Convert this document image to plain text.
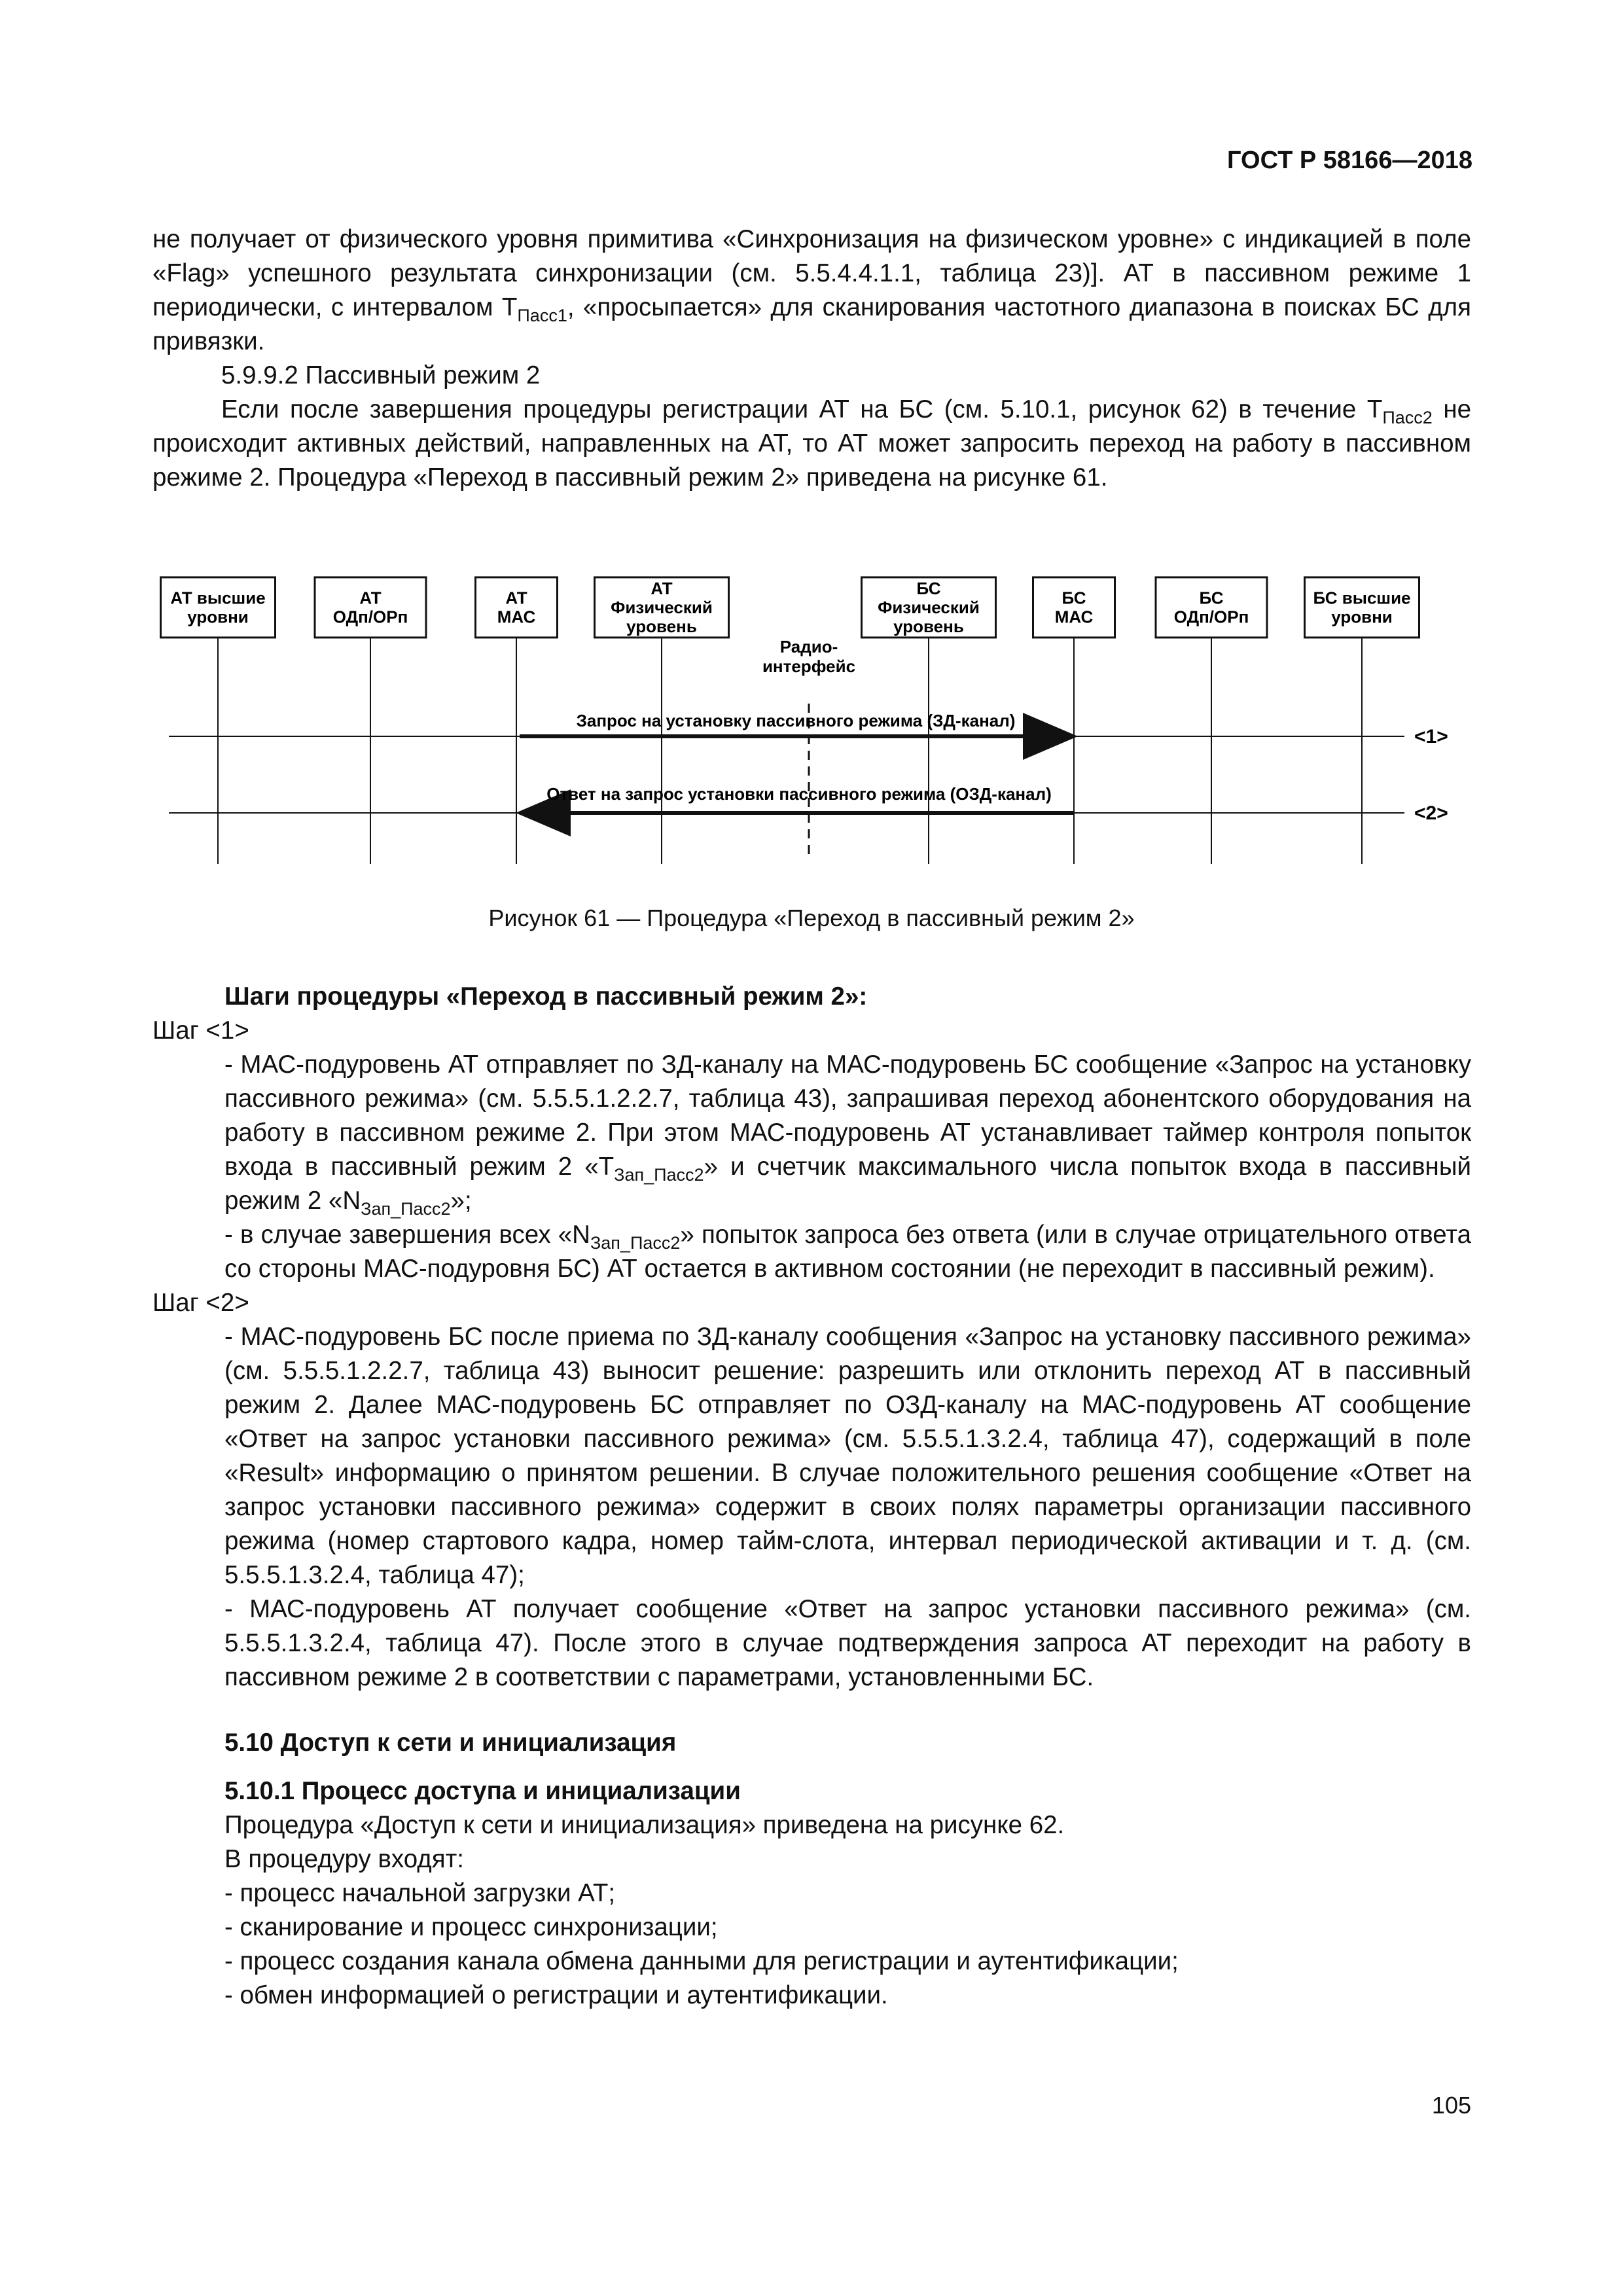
ГОСТ Р 58166—2018

не получает от физического уровня примитива «Синхронизация на физическом уровне» с индикацией в поле «Flag» успешного результата синхронизации (см. 5.5.4.4.1.1, таблица 23)]. АТ в пассивном режиме 1 периодически, с интервалом $T_{Пасс1}$, «просыпается» для сканирования частотного диапазона в поисках БС для привязки.

5.9.9.2 Пассивный режим 2

Если после завершения процедуры регистрации АТ на БС (см. 5.10.1, рисунок 62) в течение $T_{Пасс2}$ не происходит активных действий, направленных на АТ, то АТ может запросить переход на работу в пассивном режиме 2. Процедура «Переход в пассивный режим 2» приведена на рисунке 61.

АТ высшие
уровни
АТ
ОДп/ОРп
АТ
МАС
АТ
Физический
уровень
БС
Физический
уровень
БС
МАС
БС
ОДп/ОРп
БС высшие
уровни
Радио-
интерфейс
Запрос на установку пассивного режима (ЗД-канал)
<1>
Ответ на запрос установки пассивного режима (ОЗД-канал)
<2>
Рисунок 61 — Процедура «Переход в пассивный режим 2»

Шаги процедуры «Переход в пассивный режим 2»:

Шаг <1>

- МАС-подуровень АТ отправляет по ЗД-каналу на МАС-подуровень БС сообщение «Запрос на установку пассивного режима» (см. 5.5.5.1.2.2.7, таблица 43), запрашивая переход абонентского оборудования на работу в пассивном режиме 2. При этом МАС-подуровень АТ устанавливает таймер контроля попыток входа в пассивный режим 2 «$T_{Зап\_Пасс2}$» и счетчик максимального числа попыток входа в пассивный режим 2 «$N_{Зап\_Пасс2}$»;

- в случае завершения всех «$N_{Зап\_Пасс2}$» попыток запроса без ответа (или в случае отрицательного ответа со стороны МАС-подуровня БС) АТ остается в активном состоянии (не переходит в пассивный режим).

Шаг <2>

- МАС-подуровень БС после приема по ЗД-каналу сообщения «Запрос на установку пассивного режима» (см. 5.5.5.1.2.2.7, таблица 43) выносит решение: разрешить или отклонить переход АТ в пассивный режим 2. Далее МАС-подуровень БС отправляет по ОЗД-каналу на МАС-подуровень АТ сообщение «Ответ на запрос установки пассивного режима» (см. 5.5.5.1.3.2.4, таблица 47), содержащий в поле «Result» информацию о принятом решении. В случае положительного решения сообщение «Ответ на запрос установки пассивного режима» содержит в своих полях параметры организации пассивного режима (номер стартового кадра, номер тайм-слота, интервал периодической активации и т. д. (см. 5.5.5.1.3.2.4, таблица 47);

- МАС-подуровень АТ получает сообщение «Ответ на запрос установки пассивного режима» (см. 5.5.5.1.3.2.4, таблица 47). После этого в случае подтверждения запроса АТ переходит на работу в пассивном режиме 2 в соответствии с параметрами, установленными БС.

5.10 Доступ к сети и инициализация

5.10.1 Процесс доступа и инициализации

Процедура «Доступ к сети и инициализация» приведена на рисунке 62.

В процедуру входят:

- процесс начальной загрузки АТ;

- сканирование и процесс синхронизации;

- процесс создания канала обмена данными для регистрации и аутентификации;

- обмен информацией о регистрации и аутентификации.

105
